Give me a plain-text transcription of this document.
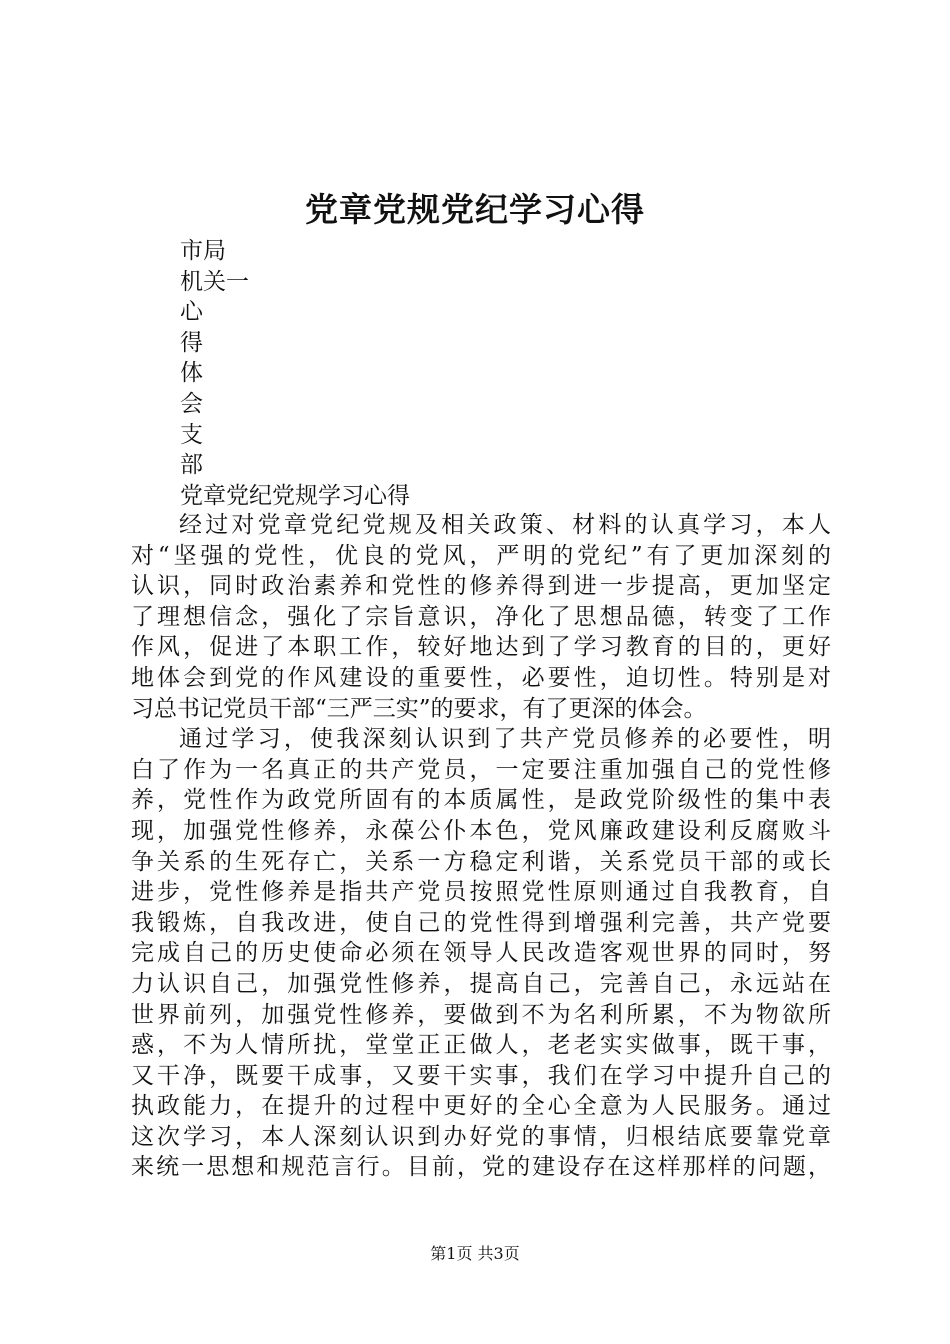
党章党规党纪学习心得
市局
机关一
心
得
体
会
支
部
党章党纪党规学习心得
经过对党章党纪党规及相关政策、材料的认真学习，本人
对“坚强的党性，优良的党风，严明的党纪”有了更加深刻的
认识，同时政治素养和党性的修养得到进一步提高，更加坚定
了理想信念，强化了宗旨意识，净化了思想品德，转变了工作
作风，促进了本职工作，较好地达到了学习教育的目的，更好
地体会到党的作风建设的重要性，必要性，迫切性。特别是对
习总书记党员干部“三严三实”的要求，有了更深的体会。
通过学习，使我深刻认识到了共产党员修养的必要性，明
白了作为一名真正的共产党员，一定要注重加强自己的党性修
养，党性作为政党所固有的本质属性，是政党阶级性的集中表
现，加强党性修养，永葆公仆本色，党风廉政建设利反腐败斗
争关系的生死存亡，关系一方稳定利谐，关系党员干部的或长
进步，党性修养是指共产党员按照党性原则通过自我教育，自
我锻炼，自我改进，使自己的党性得到增强利完善，共产党要
完成自己的历史使命必须在领导人民改造客观世界的同时，努
力认识自己，加强党性修养，提高自己，完善自己，永远站在
世界前列，加强党性修养，要做到不为名利所累，不为物欲所
惑，不为人情所扰，堂堂正正做人，老老实实做事，既干事，
又干净，既要干成事，又要干实事，我们在学习中提升自己的
执政能力，在提升的过程中更好的全心全意为人民服务。通过
这次学习，本人深刻认识到办好党的事情，归根结底要靠党章
来统一思想和规范言行。目前，党的建设存在这样那样的问题，
第1页 共3页
